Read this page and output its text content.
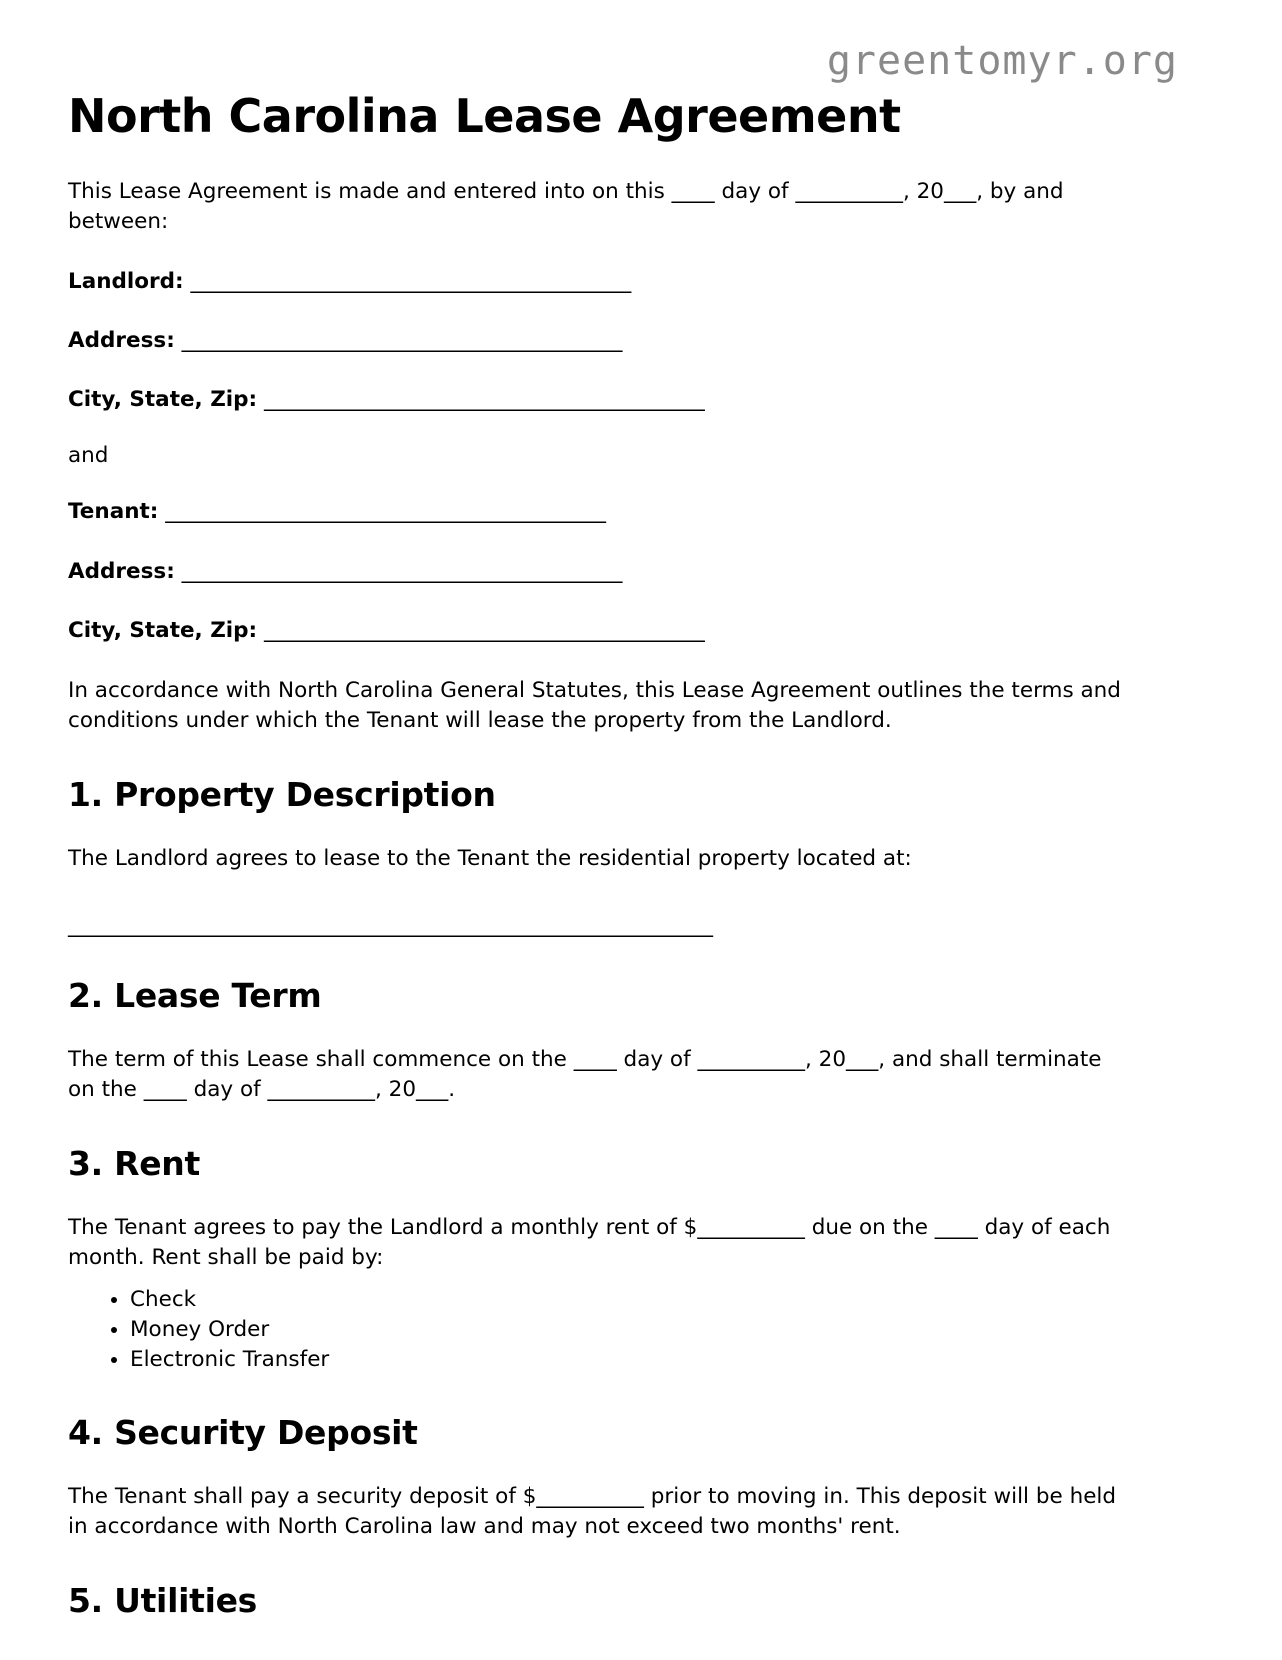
greentomyr.org
North Carolina Lease Agreement

This Lease Agreement is made and entered into on this ____ day of __________, 20___, by and between:

Landlord: _________________________________________

Address: _________________________________________

City, State, Zip: _________________________________________

and

Tenant: _________________________________________

Address: _________________________________________

City, State, Zip: _________________________________________

In accordance with North Carolina General Statutes, this Lease Agreement outlines the terms and conditions under which the Tenant will lease the property from the Landlord.

1. Property Description

The Landlord agrees to lease to the Tenant the residential property located at:

____________________________________________________________

2. Lease Term

The term of this Lease shall commence on the ____ day of __________, 20___, and shall terminate on the ____ day of __________, 20___.

3. Rent

The Tenant agrees to pay the Landlord a monthly rent of $__________ due on the ____ day of each month. Rent shall be paid by:

• Check
• Money Order
• Electronic Transfer
4. Security Deposit

The Tenant shall pay a security deposit of $__________ prior to moving in. This deposit will be held in accordance with North Carolina law and may not exceed two months' rent.

5. Utilities
